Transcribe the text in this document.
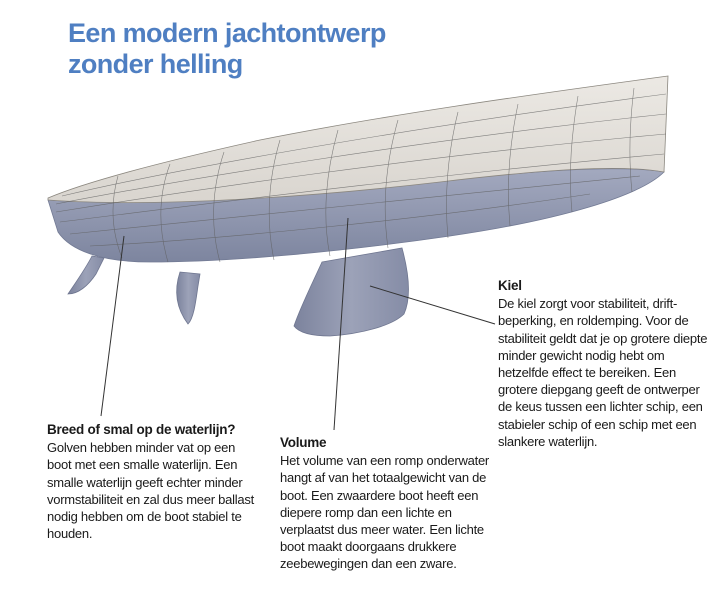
Een modern jachtontwerp
zonder helling
Kiel
De kiel zorgt voor stabiliteit, drift-beperking, en roldemping. Voor de stabiliteit geldt dat je op grotere diepte minder gewicht nodig hebt om hetzelfde effect te bereiken. Een grotere diepgang geeft de ontwerper de keus tussen een lichter schip, een stabieler schip of een schip met een slankere waterlijn.
Breed of smal op de waterlijn?
Golven hebben minder vat op een boot met een smalle waterlijn. Een smalle waterlijn geeft echter minder vormstabiliteit en zal dus meer ballast nodig hebben om de boot stabiel te houden.
Volume
Het volume van een romp onderwater hangt af van het totaalgewicht van de boot. Een zwaardere boot heeft een diepere romp dan een lichte en verplaatst dus meer water. Een lichte boot maakt doorgaans drukkere zeebewegingen dan een zware.
